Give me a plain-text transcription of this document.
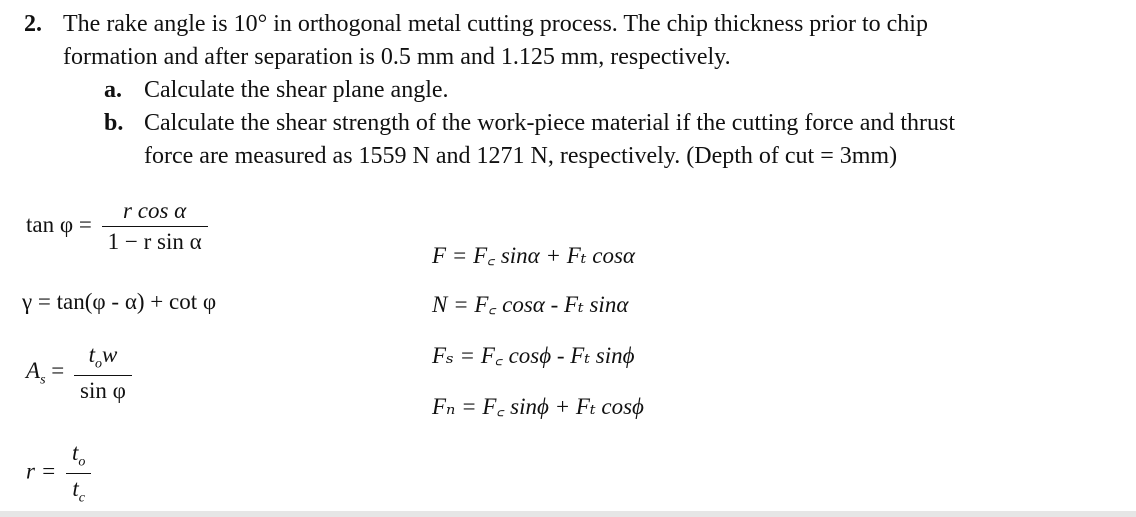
2. The rake angle is 10° in orthogonal metal cutting process. The chip thickness prior to chip
formation and after separation is 0.5 mm and 1.125 mm, respectively.
a. Calculate the shear plane angle.
b. Calculate the shear strength of the work-piece material if the cutting force and thrust
force are measured as 1559 N and 1271 N, respectively. (Depth of cut = 3mm)
$\tan \varphi = \frac{\text{r cos α}}{\text{1 − r sin α}}$
γ = tan(φ - α) + cot φ
$A_s = \frac{t_ow}{\text{sin φ}}$
$r = \frac{t_o}{t_c}$
F = F꜀ sinα + Fₜ cosα
N = F꜀ cosα - Fₜ sinα
Fₛ = F꜀ cosϕ - Fₜ sinϕ
Fₙ = F꜀ sinϕ + Fₜ cosϕ
